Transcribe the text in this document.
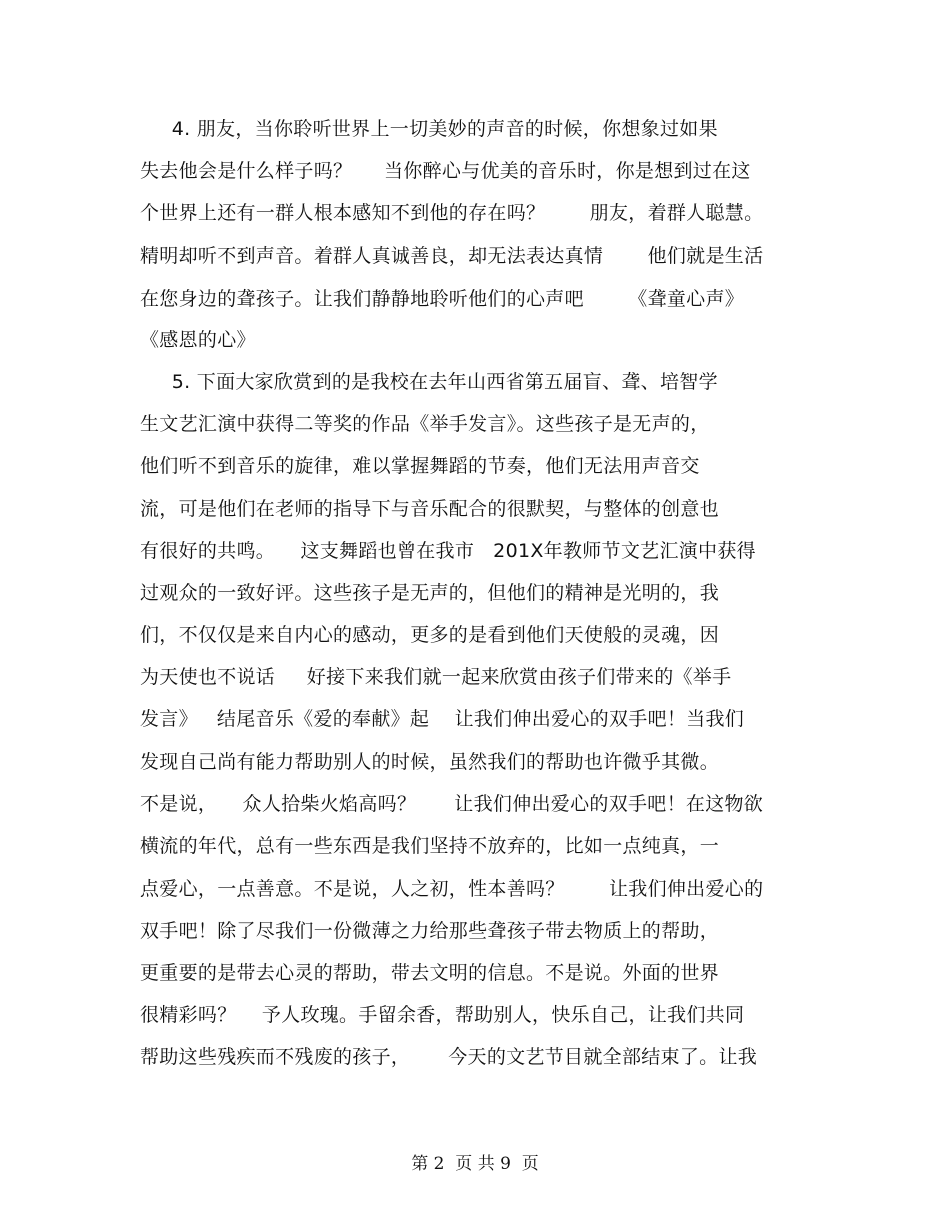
4. 朋友，当你聆听世界上一切美妙的声音的时候，你想象过如果
失去他会是什么样子吗？     当你醉心与优美的音乐时，你是想到过在这
个世界上还有一群人根本感知不到他的存在吗？       朋友，着群人聪慧。
精明却听不到声音。着群人真诚善良，却无法表达真情       他们就是生活
在您身边的聋孩子。让我们静静地聆听他们的心声吧       《聋童心声》
《感恩的心》
5. 下面大家欣赏到的是我校在去年山西省第五届盲、聋、培智学
生文艺汇演中获得二等奖的作品《举手发言》。这些孩子是无声的，
他们听不到音乐的旋律，难以掌握舞蹈的节奏，他们无法用声音交
流，可是他们在老师的指导下与音乐配合的很默契，与整体的创意也
有很好的共鸣。    这支舞蹈也曾在我市   201X年教师节文艺汇演中获得
过观众的一致好评。这些孩子是无声的，但他们的精神是光明的，我
们，不仅仅是来自内心的感动，更多的是看到他们天使般的灵魂，因
为天使也不说话     好接下来我们就一起来欣赏由孩子们带来的《举手
发言》   结尾音乐《爱的奉献》起    让我们伸出爱心的双手吧！当我们
发现自己尚有能力帮助别人的时候，虽然我们的帮助也许微乎其微。
不是说，    众人拾柴火焰高吗？      让我们伸出爱心的双手吧！在这物欲
横流的年代，总有一些东西是我们坚持不放弃的，比如一点纯真，一
点爱心，一点善意。不是说，人之初，性本善吗？       让我们伸出爱心的
双手吧！除了尽我们一份微薄之力给那些聋孩子带去物质上的帮助，
更重要的是带去心灵的帮助，带去文明的信息。不是说。外面的世界
很精彩吗？    予人玫瑰。手留余香，帮助别人，快乐自己，让我们共同
帮助这些残疾而不残废的孩子，      今天的文艺节目就全部结束了。让我
第 2  页 共 9  页
